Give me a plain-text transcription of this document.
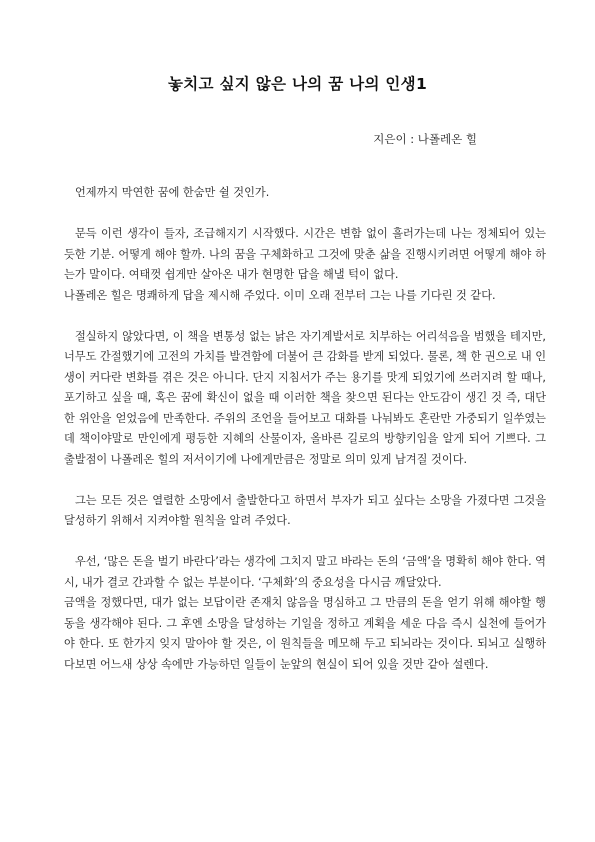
놓치고 싶지 않은 나의 꿈 나의 인생1
지은이 : 나폴레온 힐

언제까지 막연한 꿈에 한숨만 쉴 것인가.

문득 이런 생각이 들자, 조급해지기 시작했다. 시간은 변함 없이 흘러가는데 나는 정체되어 있는 듯한 기분. 어떻게 해야 할까. 나의 꿈을 구체화하고 그것에 맞춘 삶을 진행시키려면 어떻게 해야 하는가 말이다. 여태껏 쉽게만 살아온 내가 현명한 답을 해낼 턱이 없다.

나폴레온 힐은 명쾌하게 답을 제시해 주었다. 이미 오래 전부터 그는 나를 기다린 것 같다.

절실하지 않았다면, 이 책을 변통성 없는 낡은 자기계발서로 치부하는 어리석음을 범했을 테지만, 너무도 간절했기에 고전의 가치를 발견함에 더불어 큰 감화를 받게 되었다. 물론, 책 한 권으로 내 인생이 커다란 변화를 겪은 것은 아니다. 단지 지침서가 주는 용기를 맛게 되었기에 쓰러지려 할 때나, 포기하고 싶을 때, 혹은 꿈에 확신이 없을 때 이러한 책을 찾으면 된다는 안도감이 생긴 것 즉, 대단한 위안을 얻었음에 만족한다. 주위의 조언을 들어보고 대화를 나눠봐도 혼란만 가중되기 일쑤였는데 책이야말로 만인에게 평등한 지혜의 산물이자, 올바른 길로의 방향키임을 알게 되어 기쁘다. 그 출발점이 나폴레온 힐의 저서이기에 나에게만큼은 정말로 의미 있게 남겨질 것이다.

그는 모든 것은 열렬한 소망에서 출발한다고 하면서 부자가 되고 싶다는 소망을 가졌다면 그것을 달성하기 위해서 지켜야할 원칙을 알려 주었다.

우선, ‘많은 돈을 벌기 바란다’라는 생각에 그치지 말고 바라는 돈의 ‘금액’을 명확히 해야 한다. 역시, 내가 결코 간과할 수 없는 부분이다. ‘구체화’의 중요성을 다시금 깨달았다.

금액을 정했다면, 대가 없는 보답이란 존재치 않음을 명심하고 그 만큼의 돈을 얻기 위해 해야할 행동을 생각해야 된다. 그 후엔 소망을 달성하는 기일을 정하고 계획을 세운 다음 즉시 실천에 들어가야 한다. 또 한가지 잊지 말아야 할 것은, 이 원칙들을 메모해 두고 되뇌라는 것이다. 되뇌고 실행하다보면 어느새 상상 속에만 가능하던 일들이 눈앞의 현실이 되어 있을 것만 같아 설렌다.
